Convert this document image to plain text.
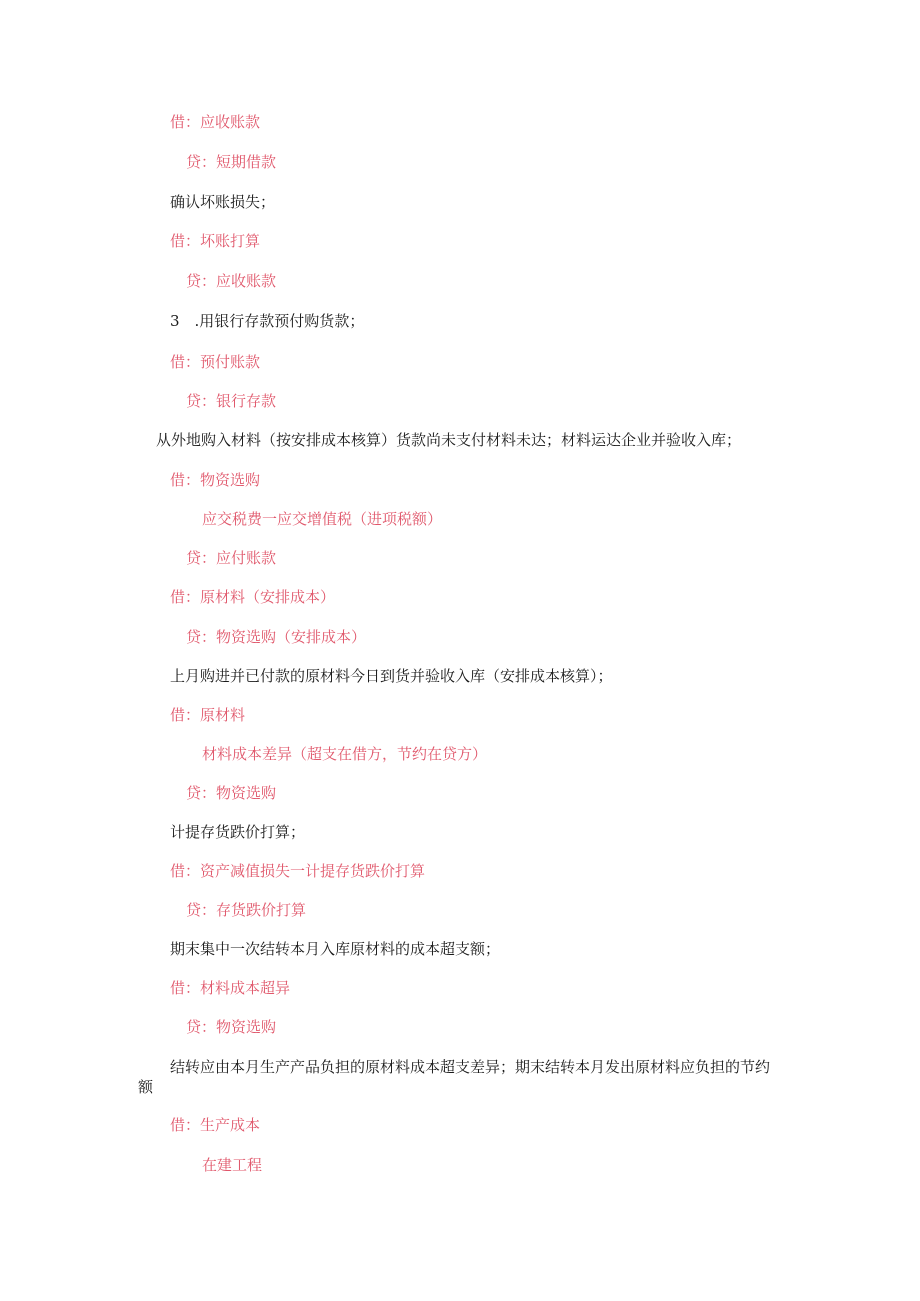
借：应收账款
贷：短期借款
确认坏账损失；
借：坏账打算
贷：应收账款
3　.用银行存款预付购货款；
借：预付账款
贷：银行存款
从外地购入材料（按安排成本核算）货款尚未支付材料未达；材料运达企业并验收入库；
借：物资选购
应交税费一应交增值税（进项税额）
贷：应付账款
借：原材料（安排成本）
贷：物资选购（安排成本）
上月购进并已付款的原材料今日到货并验收入库（安排成本核算）；
借：原材料
材料成本差异（超支在借方，节约在贷方）
贷：物资选购
计提存货跌价打算；
借：资产减值损失一计提存货跌价打算
贷：存货跌价打算
期末集中一次结转本月入库原材料的成本超支额；
借：材料成本超异
贷：物资选购
结转应由本月生产产品负担的原材料成本超支差异；期末结转本月发出原材料应负担的节约额
借：生产成本
在建工程
